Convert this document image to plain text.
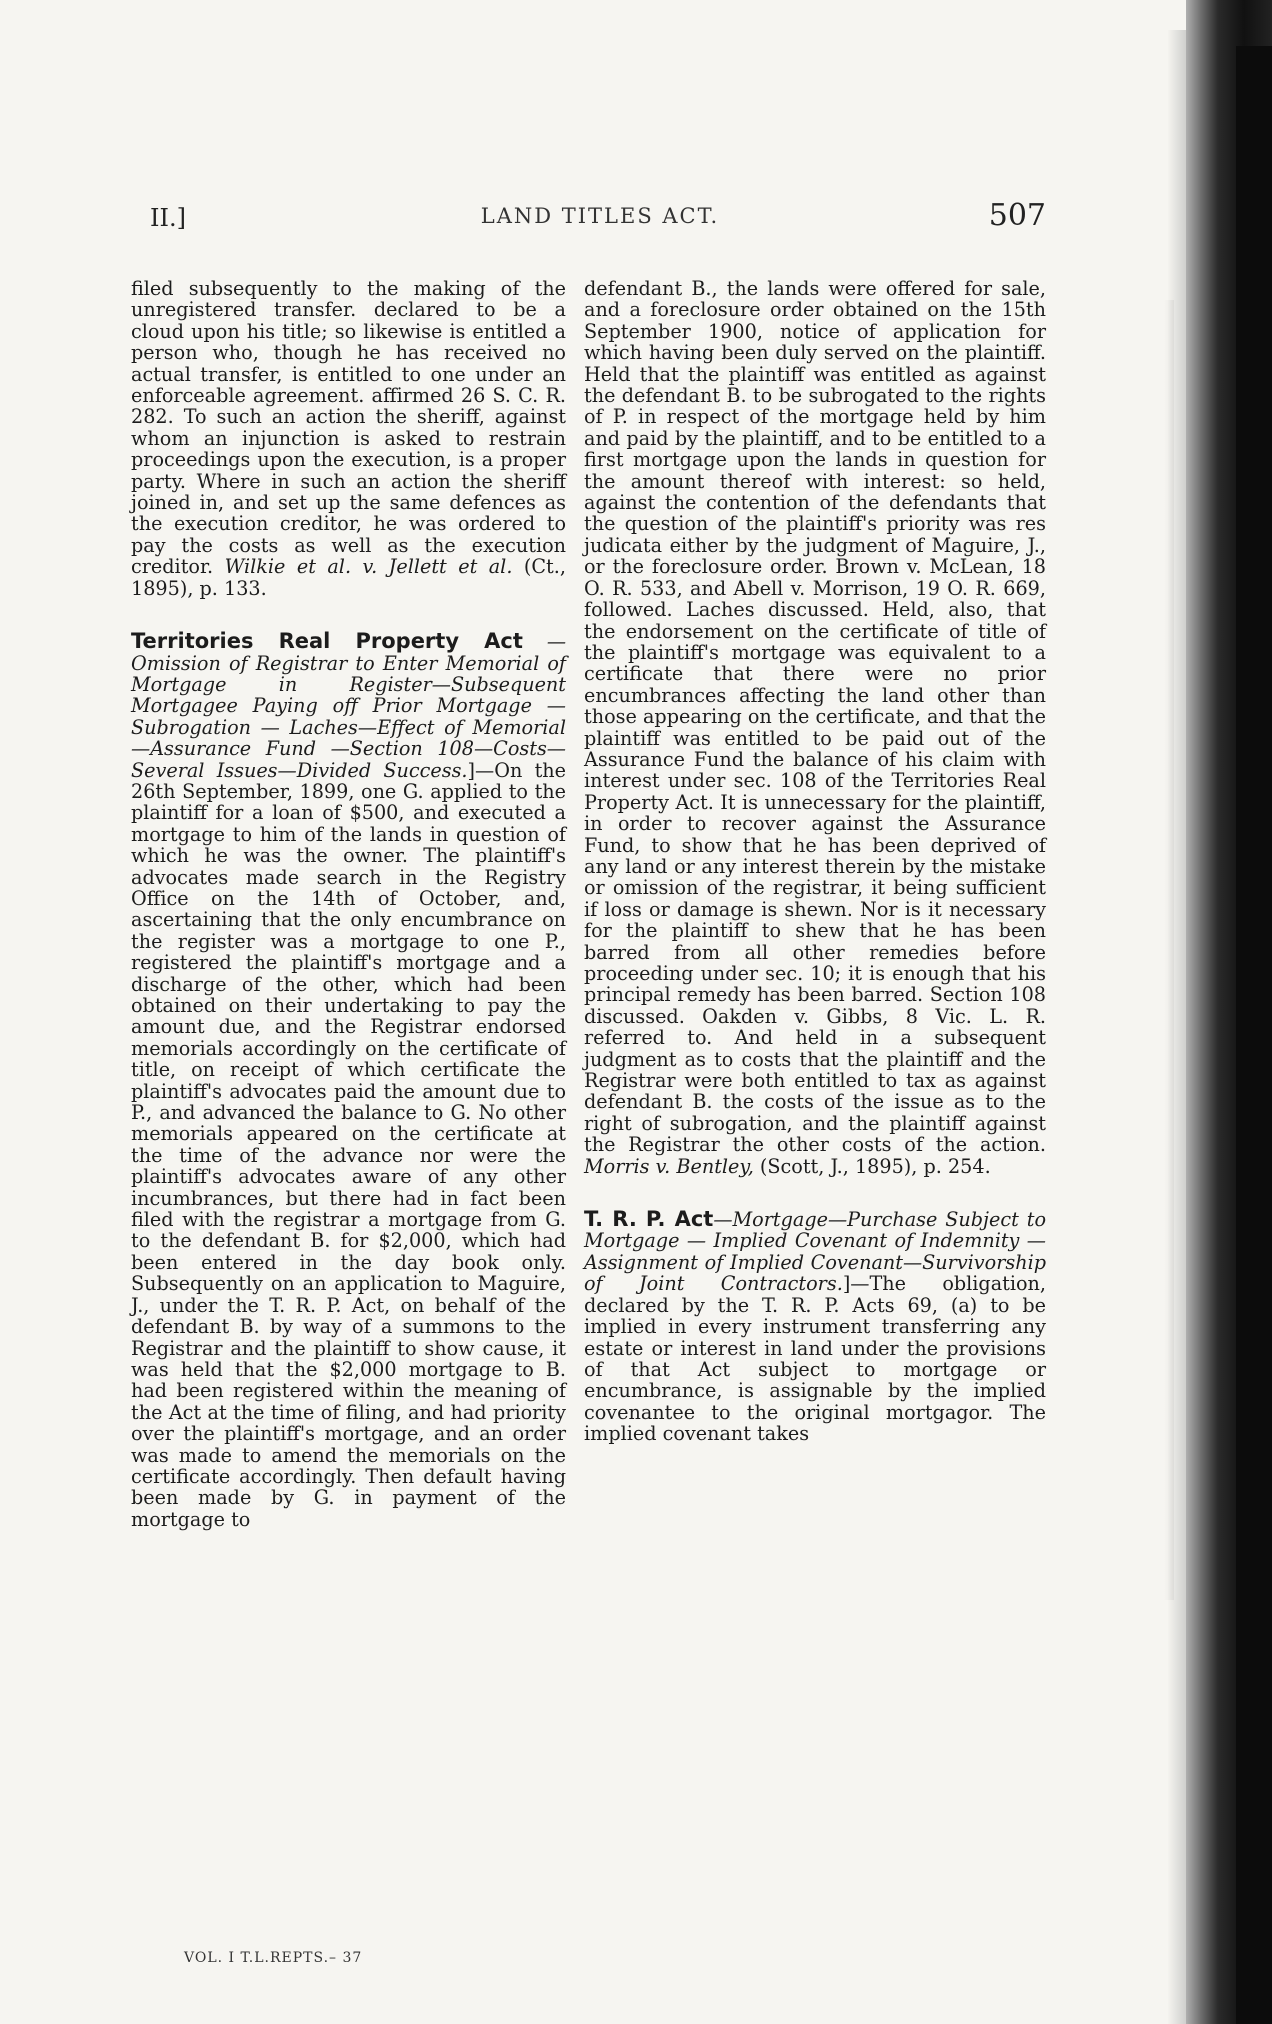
II.]	LAND TITLES ACT.	507

filed subsequently to the making of the unregistered transfer. declared to be a cloud upon his title; so likewise is entitled a person who, though he has received no actual transfer, is entitled to one under an enforceable agreement. affirmed 26 S. C. R. 282. To such an action the sheriff, against whom an injunction is asked to restrain proceedings upon the execution, is a proper party. Where in such an action the sheriff joined in, and set up the same defences as the execution creditor, he was ordered to pay the costs as well as the execution creditor. Wilkie et al. v. Jellett et al. (Ct., 1895), p. 133.

Territories Real Property Act —Omission of Registrar to Enter Memorial of Mortgage in Register—Subsequent Mortgagee Paying off Prior Mortgage — Subrogation — Laches—Effect of Memorial—Assurance Fund —Section 108—Costs—Several Issues—Divided Success.]—On the 26th September, 1899, one G. applied to the plaintiff for a loan of $500, and executed a mortgage to him of the lands in question of which he was the owner. The plaintiff's advocates made search in the Registry Office on the 14th of October, and, ascertaining that the only encumbrance on the register was a mortgage to one P., registered the plaintiff's mortgage and a discharge of the other, which had been obtained on their undertaking to pay the amount due, and the Registrar endorsed memorials accordingly on the certificate of title, on receipt of which certificate the plaintiff's advocates paid the amount due to P., and advanced the balance to G. No other memorials appeared on the certificate at the time of the advance nor were the plaintiff's advocates aware of any other incumbrances, but there had in fact been filed with the registrar a mortgage from G. to the defendant B. for $2,000, which had been entered in the day book only. Subsequently on an application to Maguire, J., under the T. R. P. Act, on behalf of the defendant B. by way of a summons to the Registrar and the plaintiff to show cause, it was held that the $2,000 mortgage to B. had been registered within the meaning of the Act at the time of filing, and had priority over the plaintiff's mortgage, and an order was made to amend the memorials on the certificate accordingly. Then default having been made by G. in payment of the mortgage to

defendant B., the lands were offered for sale, and a foreclosure order obtained on the 15th September 1900, notice of application for which having been duly served on the plaintiff. Held that the plaintiff was entitled as against the defendant B. to be subrogated to the rights of P. in respect of the mortgage held by him and paid by the plaintiff, and to be entitled to a first mortgage upon the lands in question for the amount thereof with interest: so held, against the contention of the defendants that the question of the plaintiff's priority was res judicata either by the judgment of Maguire, J., or the foreclosure order. Brown v. McLean, 18 O. R. 533, and Abell v. Morrison, 19 O. R. 669, followed. Laches discussed. Held, also, that the endorsement on the certificate of title of the plaintiff's mortgage was equivalent to a certificate that there were no prior encumbrances affecting the land other than those appearing on the certificate, and that the plaintiff was entitled to be paid out of the Assurance Fund the balance of his claim with interest under sec. 108 of the Territories Real Property Act. It is unnecessary for the plaintiff, in order to recover against the Assurance Fund, to show that he has been deprived of any land or any interest therein by the mistake or omission of the registrar, it being sufficient if loss or damage is shewn. Nor is it necessary for the plaintiff to shew that he has been barred from all other remedies before proceeding under sec. 10; it is enough that his principal remedy has been barred. Section 108 discussed. Oakden v. Gibbs, 8 Vic. L. R. referred to. And held in a subsequent judgment as to costs that the plaintiff and the Registrar were both entitled to tax as against defendant B. the costs of the issue as to the right of subrogation, and the plaintiff against the Registrar the other costs of the action. Morris v. Bentley, (Scott, J., 1895), p. 254.

T. R. P. Act—Mortgage—Purchase Subject to Mortgage — Implied Covenant of Indemnity — Assignment of Implied Covenant—Survivorship of Joint Contractors.]—The obligation, declared by the T. R. P. Acts 69, (a) to be implied in every instrument transferring any estate or interest in land under the provisions of that Act subject to mortgage or encumbrance, is assignable by the implied covenantee to the original mortgagor. The implied covenant takes

VOL. I T.L.REPTS.– 37
